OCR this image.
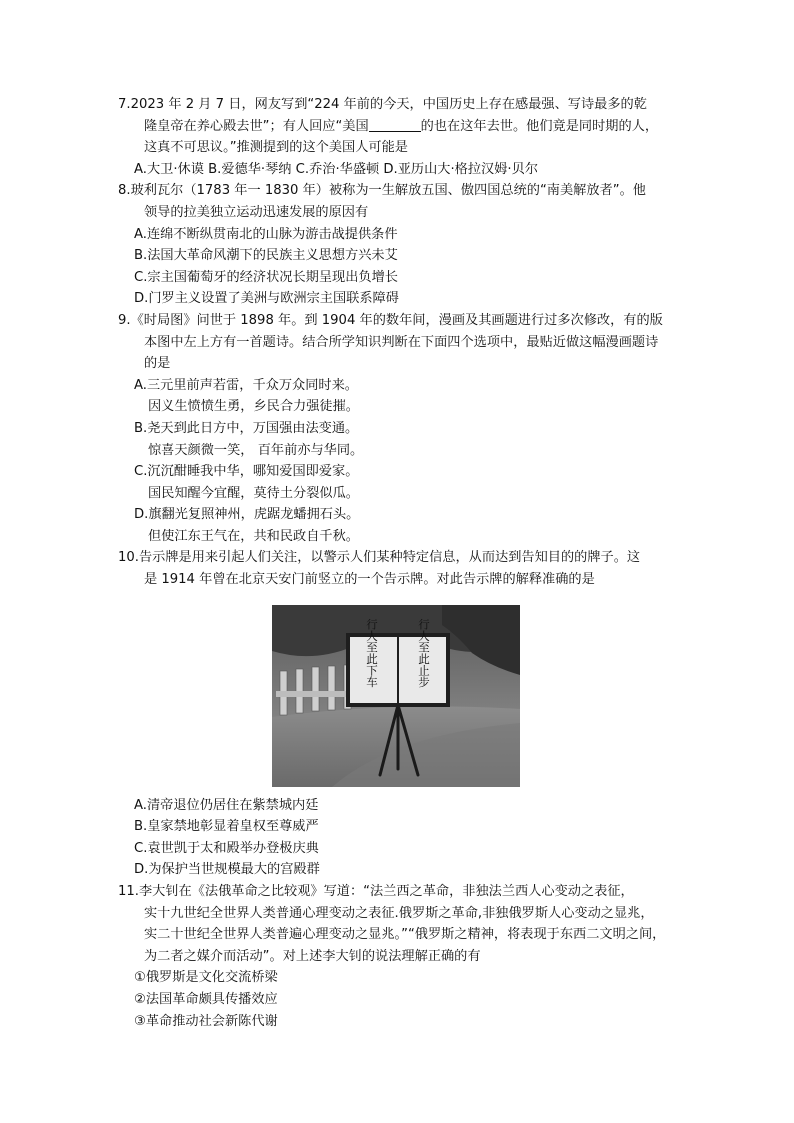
7.2023 年 2 月 7 日，网友写到“224 年前的今天，中国历史上存在感最强、写诗最多的乾

隆皇帝在养心殿去世”；有人回应“美国	的也在这年去世。他们竟是同时期的人，

这真不可思议。”推测提到的这个美国人可能是

A.大卫·休谟 B.爱德华·琴纳 C.乔治·华盛顿 D.亚历山大·格拉汉姆·贝尔

8.玻利瓦尔（1783 年一 1830 年）被称为一生解放五国、傲四国总统的“南美解放者”。他

领导的拉美独立运动迅速发展的原因有

A.连绵不断纵贯南北的山脉为游击战提供条件

B.法国大革命风潮下的民族主义思想方兴未艾

C.宗主国葡萄牙的经济状况长期呈现出负增长

D.门罗主义设置了美洲与欧洲宗主国联系障碍

9.《时局图》问世于 1898 年。到 1904 年的数年间，漫画及其画题进行过多次修改，有的版

本图中左上方有一首题诗。结合所学知识判断在下面四个选项中，最贴近做这幅漫画题诗

的是

A.三元里前声若雷，千众万众同时来。

因义生愤愤生勇，乡民合力强徒摧。

B.尧天到此日方中，万国强由法变通。

惊喜天颜微一笑， 百年前亦与华同。

C.沉沉酣睡我中华，哪知爱国即爱家。

国民知醒今宜醒，莫待土分裂似瓜。

D.旗翻光复照神州，虎踞龙蟠拥石头。

但使江东王气在，共和民政自千秋。

10.告示牌是用来引起人们关注，以警示人们某种特定信息，从而达到告知目的的牌子。这

是 1914 年曾在北京天安门前竖立的一个告示牌。对此告示牌的解释准确的是

行人至此止步
行人至此下车

A.清帝退位仍居住在紫禁城内廷

B.皇家禁地彰显着皇权至尊威严

C.袁世凯于太和殿举办登极庆典

D.为保护当世规模最大的宫殿群

11.李大钊在《法俄革命之比较观》写道：“法兰西之革命，非独法兰西人心变动之表征，

实十九世纪全世界人类普通心理变动之表征.俄罗斯之革命,非独俄罗斯人心变动之显兆，

实二十世纪全世界人类普遍心理变动之显兆。”“俄罗斯之精神，将表现于东西二文明之间，

为二者之媒介而活动”。对上述李大钊的说法理解正确的有

①俄罗斯是文化交流桥梁

②法国革命颇具传播效应

③革命推动社会新陈代谢
